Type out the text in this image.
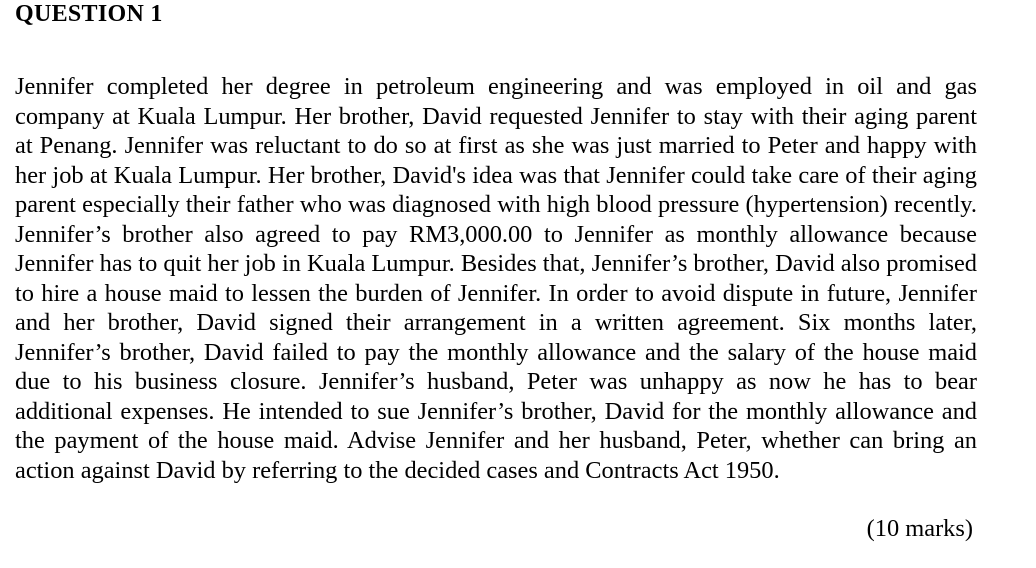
QUESTION 1

Jennifer completed her degree in petroleum engineering and was employed in oil and gas company at Kuala Lumpur. Her brother, David requested Jennifer to stay with their aging parent at Penang. Jennifer was reluctant to do so at first as she was just married to Peter and happy with her job at Kuala Lumpur. Her brother, David's idea was that Jennifer could take care of their aging parent especially their father who was diagnosed with high blood pressure (hypertension) recently. Jennifer’s brother also agreed to pay RM3,000.00 to Jennifer as monthly allowance because Jennifer has to quit her job in Kuala Lumpur. Besides that, Jennifer’s brother, David also promised to hire a house maid to lessen the burden of Jennifer. In order to avoid dispute in future, Jennifer and her brother, David signed their arrangement in a written agreement. Six months later, Jennifer’s brother, David failed to pay the monthly allowance and the salary of the house maid due to his business closure. Jennifer’s husband, Peter was unhappy as now he has to bear additional expenses. He intended to sue Jennifer’s brother, David for the monthly allowance and the payment of the house maid. Advise Jennifer and her husband, Peter, whether can bring an action against David by referring to the decided cases and Contracts Act 1950.

(10 marks)
